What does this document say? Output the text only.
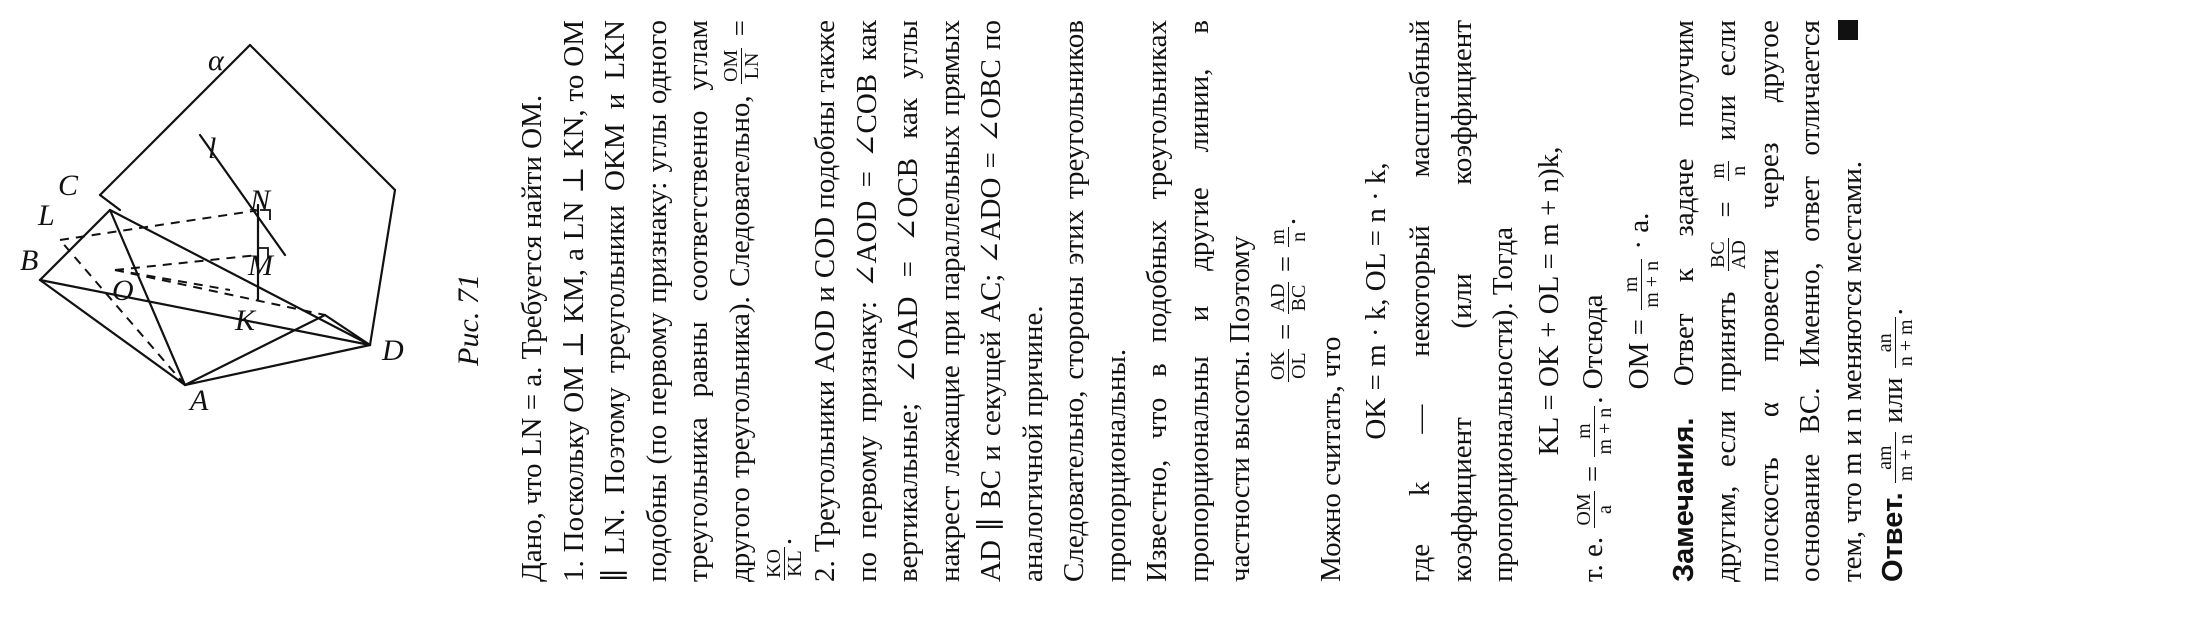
B
L
C
O
N
M
K
D
A
l
α
Рис. 71 Дано, что LN = a. Требуется найти OM. 1. Поскольку OM ⊥ KM, а LN ⊥ KN, то OM ∥ LN. Поэтому треугольники OKM и LKN подобны (по первому признаку: углы одного треугольника равны соответственно углам другого треугольника). Следовательно,
OM LN
=
KO KL
. 2. Треугольники AOD и COD подобны также по первому признаку: ∠AOD = ∠COB как вертикальные; ∠OAD = ∠OCB как углы накрест лежащие при параллельных прямых AD ∥ BC и секущей AC; ∠ADO = ∠OBC по аналогичной причине. Следовательно, стороны этих треугольников пропорциональны. Известно, что в подобных треугольниках пропорциональны и другие линии, в частности высоты. Поэтому OK OL
=
AD BC
=
m n
.

Можно считать, что

OK = m · k, OL = n · k, где k — некоторый масштабный коэффициент (или коэффициент пропорциональности). Тогда KL = OK + OL = m + n)k,

т. е.
OM a
=
m m + n
. Отсюда OM =
m m + n
· a.

Замечания. Ответ к задаче получим другим, если принять
BC AD
=
m n
или если плоскость α провести через другое основание BC. Именно, ответ отличается тем, что m и n меняются местами. Ответ.
am m + n
или
an n + m
.
